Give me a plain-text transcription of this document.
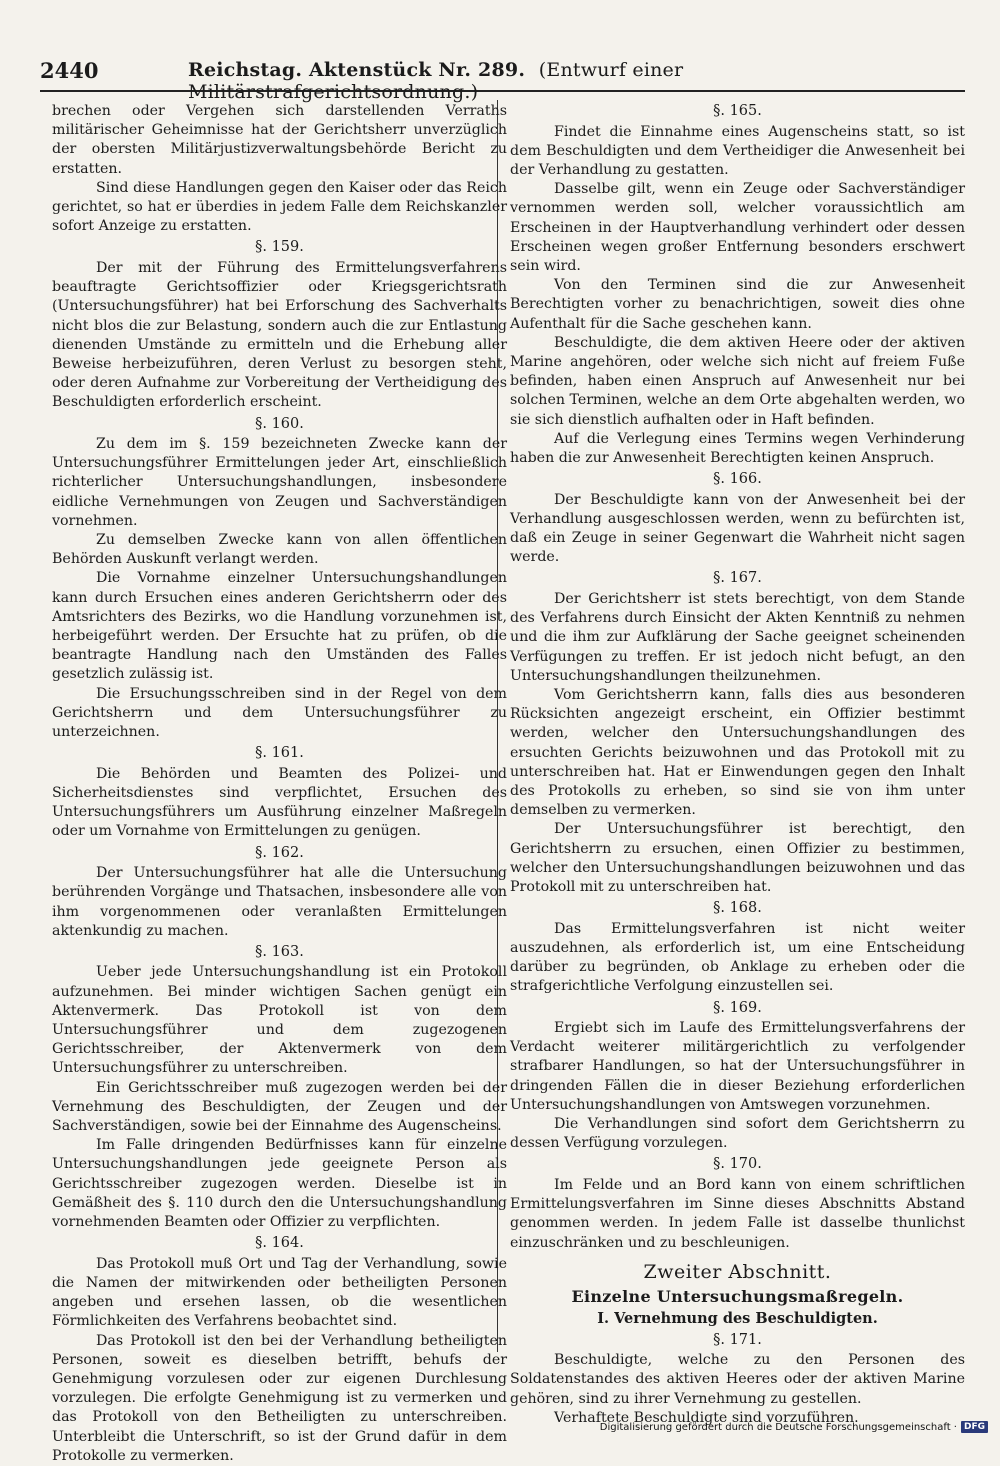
2440	Reichstag. Aktenstück Nr. 289. (Entwurf einer Militärstrafgerichtsordnung.)

brechen oder Vergehen sich darstellenden Verraths militärischer Geheimnisse hat der Gerichtsherr unverzüglich der obersten Militärjustizverwaltungsbehörde Bericht zu erstatten.

Sind diese Handlungen gegen den Kaiser oder das Reich gerichtet, so hat er überdies in jedem Falle dem Reichskanzler sofort Anzeige zu erstatten.

§. 159.

Der mit der Führung des Ermittelungsverfahrens beauftragte Gerichtsoffizier oder Kriegsgerichtsrath (Untersuchungsführer) hat bei Erforschung des Sachverhalts nicht blos die zur Belastung, sondern auch die zur Entlastung dienenden Umstände zu ermitteln und die Erhebung aller Beweise herbeizuführen, deren Verlust zu besorgen steht, oder deren Aufnahme zur Vorbereitung der Vertheidigung des Beschuldigten erforderlich erscheint.

§. 160.

Zu dem im §. 159 bezeichneten Zwecke kann der Untersuchungsführer Ermittelungen jeder Art, einschließlich richterlicher Untersuchungshandlungen, insbesondere eidliche Vernehmungen von Zeugen und Sachverständigen vornehmen.

Zu demselben Zwecke kann von allen öffentlichen Behörden Auskunft verlangt werden.

Die Vornahme einzelner Untersuchungshandlungen kann durch Ersuchen eines anderen Gerichtsherrn oder des Amtsrichters des Bezirks, wo die Handlung vorzunehmen ist, herbeigeführt werden. Der Ersuchte hat zu prüfen, ob die beantragte Handlung nach den Umständen des Falles gesetzlich zulässig ist.

Die Ersuchungsschreiben sind in der Regel von dem Gerichtsherrn und dem Untersuchungsführer zu unterzeichnen.

§. 161.

Die Behörden und Beamten des Polizei- und Sicherheitsdienstes sind verpflichtet, Ersuchen des Untersuchungsführers um Ausführung einzelner Maßregeln oder um Vornahme von Ermittelungen zu genügen.

§. 162.

Der Untersuchungsführer hat alle die Untersuchung berührenden Vorgänge und Thatsachen, insbesondere alle von ihm vorgenommenen oder veranlaßten Ermittelungen aktenkundig zu machen.

§. 163.

Ueber jede Untersuchungshandlung ist ein Protokoll aufzunehmen. Bei minder wichtigen Sachen genügt ein Aktenvermerk. Das Protokoll ist von dem Untersuchungsführer und dem zugezogenen Gerichtsschreiber, der Aktenvermerk von dem Untersuchungsführer zu unterschreiben.

Ein Gerichtsschreiber muß zugezogen werden bei der Vernehmung des Beschuldigten, der Zeugen und der Sachverständigen, sowie bei der Einnahme des Augenscheins.

Im Falle dringenden Bedürfnisses kann für einzelne Untersuchungshandlungen jede geeignete Person als Gerichtsschreiber zugezogen werden. Dieselbe ist in Gemäßheit des §. 110 durch den die Untersuchungshandlung vornehmenden Beamten oder Offizier zu verpflichten.

§. 164.

Das Protokoll muß Ort und Tag der Verhandlung, sowie die Namen der mitwirkenden oder betheiligten Personen angeben und ersehen lassen, ob die wesentlichen Förmlichkeiten des Verfahrens beobachtet sind.

Das Protokoll ist den bei der Verhandlung betheiligten Personen, soweit es dieselben betrifft, behufs der Genehmigung vorzulesen oder zur eigenen Durchlesung vorzulegen. Die erfolgte Genehmigung ist zu vermerken und das Protokoll von den Betheiligten zu unterschreiben. Unterbleibt die Unterschrift, so ist der Grund dafür in dem Protokolle zu vermerken.

§. 165.

Findet die Einnahme eines Augenscheins statt, so ist dem Beschuldigten und dem Vertheidiger die Anwesenheit bei der Verhandlung zu gestatten.

Dasselbe gilt, wenn ein Zeuge oder Sachverständiger vernommen werden soll, welcher voraussichtlich am Erscheinen in der Hauptverhandlung verhindert oder dessen Erscheinen wegen großer Entfernung besonders erschwert sein wird.

Von den Terminen sind die zur Anwesenheit Berechtigten vorher zu benachrichtigen, soweit dies ohne Aufenthalt für die Sache geschehen kann.

Beschuldigte, die dem aktiven Heere oder der aktiven Marine angehören, oder welche sich nicht auf freiem Fuße befinden, haben einen Anspruch auf Anwesenheit nur bei solchen Terminen, welche an dem Orte abgehalten werden, wo sie sich dienstlich aufhalten oder in Haft befinden.

Auf die Verlegung eines Termins wegen Verhinderung haben die zur Anwesenheit Berechtigten keinen Anspruch.

§. 166.

Der Beschuldigte kann von der Anwesenheit bei der Verhandlung ausgeschlossen werden, wenn zu befürchten ist, daß ein Zeuge in seiner Gegenwart die Wahrheit nicht sagen werde.

§. 167.

Der Gerichtsherr ist stets berechtigt, von dem Stande des Verfahrens durch Einsicht der Akten Kenntniß zu nehmen und die ihm zur Aufklärung der Sache geeignet scheinenden Verfügungen zu treffen. Er ist jedoch nicht befugt, an den Untersuchungshandlungen theilzunehmen.

Vom Gerichtsherrn kann, falls dies aus besonderen Rücksichten angezeigt erscheint, ein Offizier bestimmt werden, welcher den Untersuchungshandlungen des ersuchten Gerichts beizuwohnen und das Protokoll mit zu unterschreiben hat. Hat er Einwendungen gegen den Inhalt des Protokolls zu erheben, so sind sie von ihm unter demselben zu vermerken.

Der Untersuchungsführer ist berechtigt, den Gerichtsherrn zu ersuchen, einen Offizier zu bestimmen, welcher den Untersuchungshandlungen beizuwohnen und das Protokoll mit zu unterschreiben hat.

§. 168.

Das Ermittelungsverfahren ist nicht weiter auszudehnen, als erforderlich ist, um eine Entscheidung darüber zu begründen, ob Anklage zu erheben oder die strafgerichtliche Verfolgung einzustellen sei.

§. 169.

Ergiebt sich im Laufe des Ermittelungsverfahrens der Verdacht weiterer militärgerichtlich zu verfolgender strafbarer Handlungen, so hat der Untersuchungsführer in dringenden Fällen die in dieser Beziehung erforderlichen Untersuchungshandlungen von Amtswegen vorzunehmen.

Die Verhandlungen sind sofort dem Gerichtsherrn zu dessen Verfügung vorzulegen.

§. 170.

Im Felde und an Bord kann von einem schriftlichen Ermittelungsverfahren im Sinne dieses Abschnitts Abstand genommen werden. In jedem Falle ist dasselbe thunlichst einzuschränken und zu beschleunigen.

Zweiter Abschnitt.
Einzelne Untersuchungsmaßregeln.
I. Vernehmung des Beschuldigten.
§. 171.

Beschuldigte, welche zu den Personen des Soldatenstandes des aktiven Heeres oder der aktiven Marine gehören, sind zu ihrer Vernehmung zu gestellen.

Verhaftete Beschuldigte sind vorzuführen.

Digitalisierung gefördert durch die Deutsche Forschungsgemeinschaft · DFG
